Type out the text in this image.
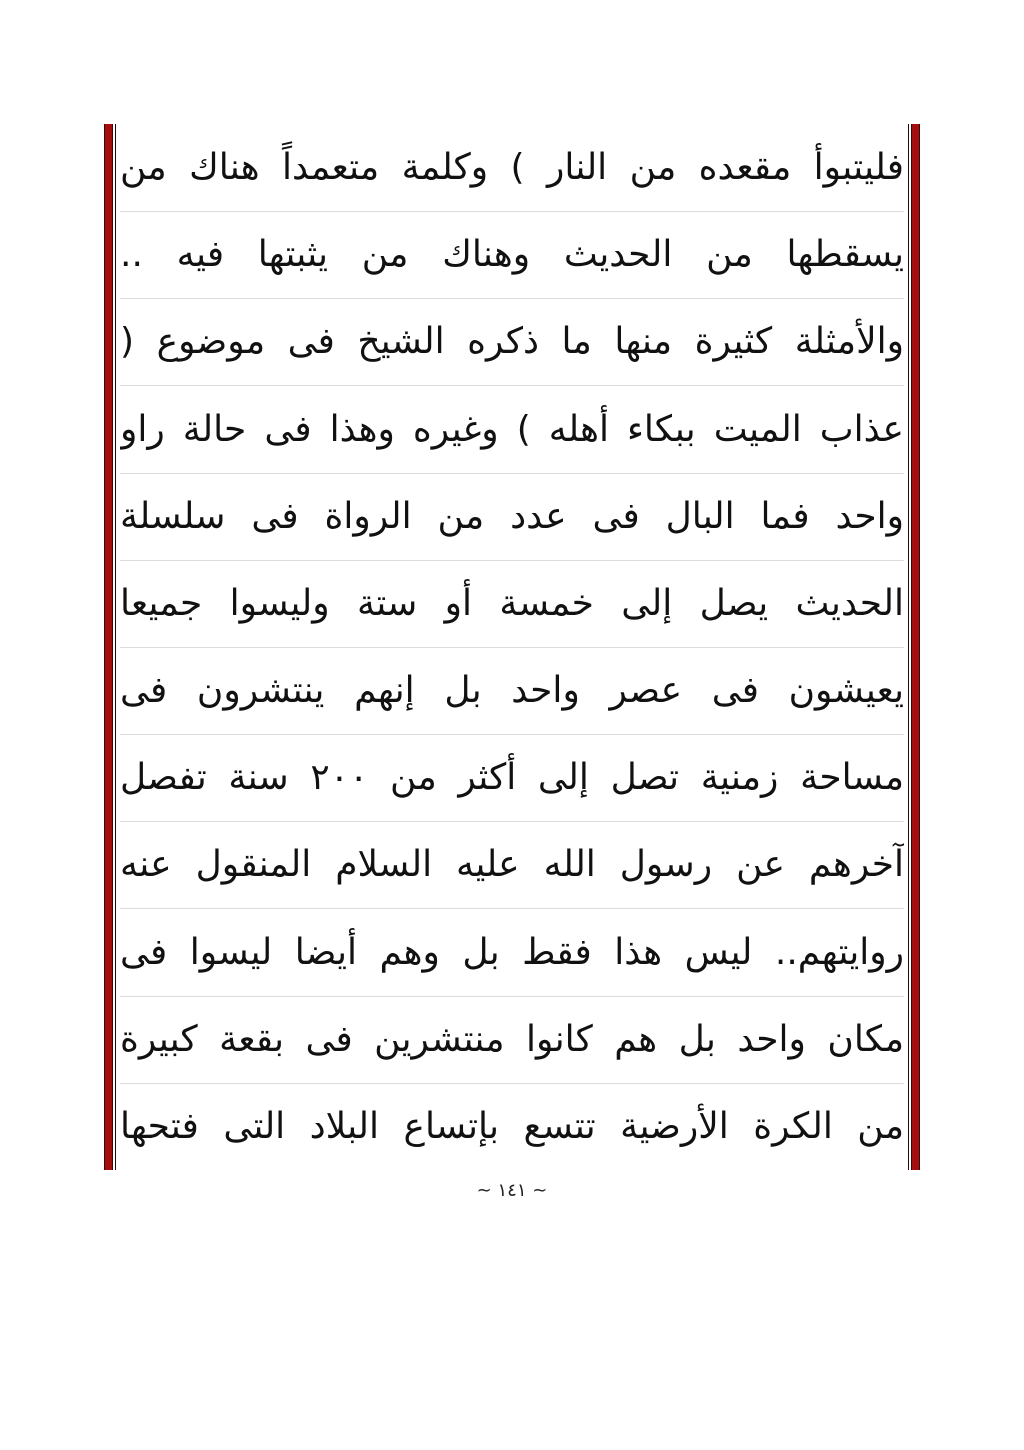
فليتبوأ مقعده من النار ) وكلمة متعمداً هناك من
يسقطها من الحديث وهناك من يثبتها فيه ..
والأمثلة كثيرة منها ما ذكره الشيخ فى موضوع (
عذاب الميت ببكاء أهله ) وغيره وهذا فى حالة راو
واحد فما البال فى عدد من الرواة فى سلسلة
الحديث يصل إلى خمسة أو ستة وليسوا جميعا
يعيشون فى عصر واحد بل إنهم ينتشرون فى
مساحة زمنية تصل إلى أكثر من ٢٠٠ سنة تفصل
آخرهم عن رسول الله عليه السلام المنقول عنه
روايتهم.. ليس هذا فقط بل وهم أيضا ليسوا فى
مكان واحد بل هم كانوا منتشرين فى بقعة كبيرة
من الكرة الأرضية تتسع بإتساع البلاد التى فتحها
~ ١٤١ ~
